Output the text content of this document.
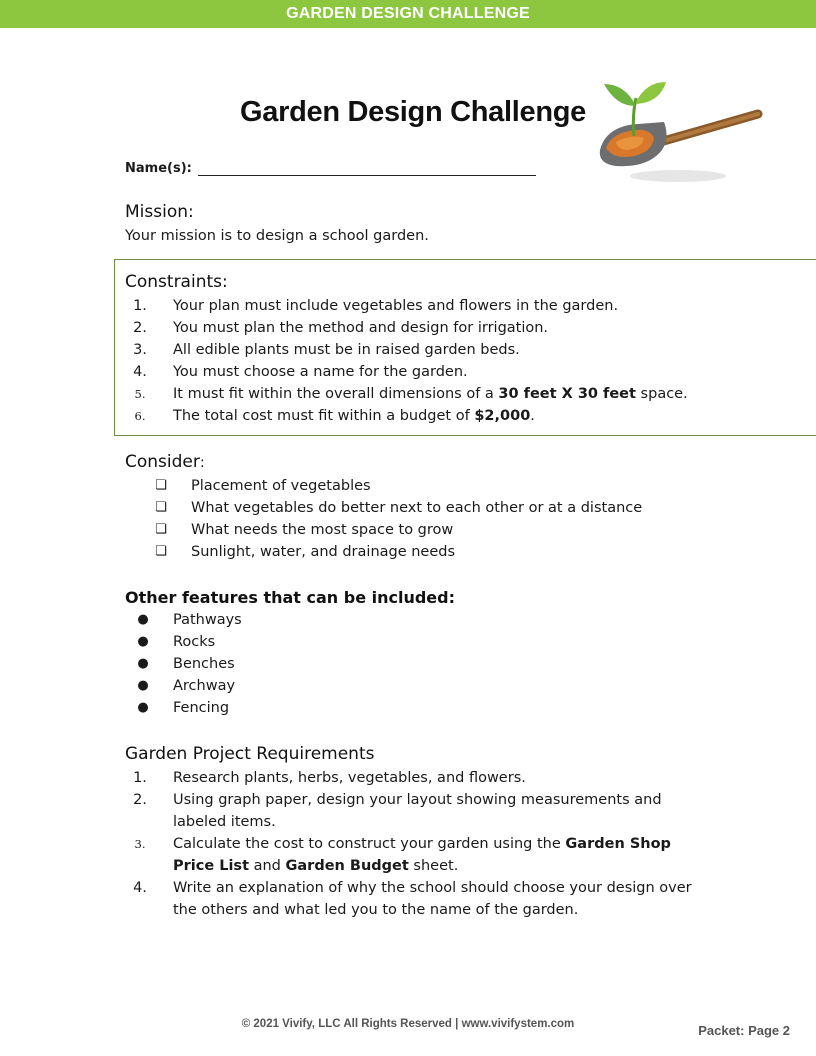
GARDEN DESIGN CHALLENGE
Garden Design Challenge
Name(s):
Mission:
Your mission is to design a school garden.
Constraints:
1.	Your plan must include vegetables and flowers in the garden.
2.	You must plan the method and design for irrigation.
3.	All edible plants must be in raised garden beds.
4.	You must choose a name for the garden.
5.	It must fit within the overall dimensions of a 30 feet X 30 feet space.
6.	The total cost must fit within a budget of $2,000.
Consider:
❏ Placement of vegetables
❏ What vegetables do better next to each other or at a distance
❏ What needs the most space to grow
❏ Sunlight, water, and drainage needs
Other features that can be included:
● Pathways
● Rocks
● Benches
● Archway
● Fencing
Garden Project Requirements
1.	Research plants, herbs, vegetables, and flowers.
2.	Using graph paper, design your layout showing measurements and
labeled items.
3.	Calculate the cost to construct your garden using the Garden Shop
Price List and Garden Budget sheet.
4.	Write an explanation of why the school should choose your design over
the others and what led you to the name of the garden.
© 2021 Vivify, LLC All Rights Reserved | www.vivifystem.com	Packet: Page 2
